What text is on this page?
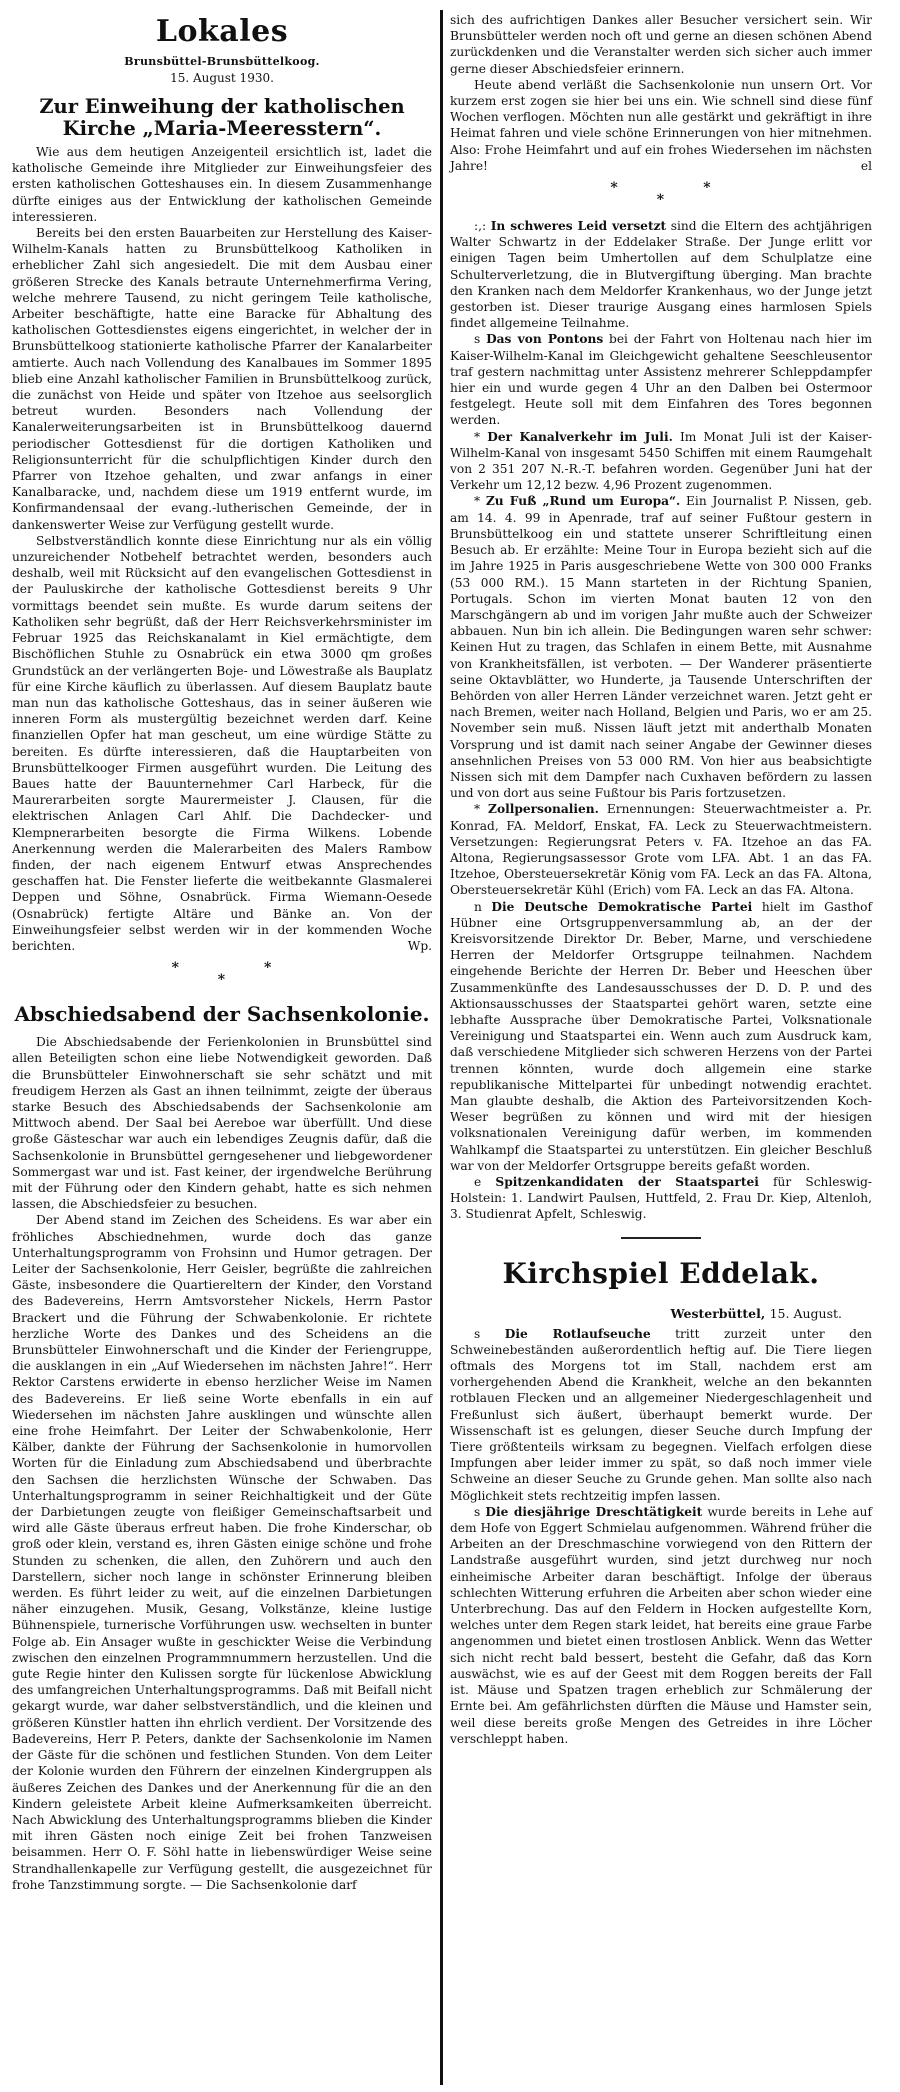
Lokales
Brunsbüttel-Brunsbüttelkoog.
15. August 1930.
Zur Einweihung der katholischen Kirche „Maria-Meeresstern“.

Wie aus dem heutigen Anzeigenteil ersichtlich ist, ladet die katholische Gemeinde ihre Mitglieder zur Einweihungsfeier des ersten katholischen Gotteshauses ein. In diesem Zusammenhange dürfte einiges aus der Entwicklung der katholischen Gemeinde interessieren.

Bereits bei den ersten Bauarbeiten zur Herstellung des Kaiser-Wilhelm-Kanals hatten zu Brunsbüttelkoog Katholiken in erheblicher Zahl sich angesiedelt. Die mit dem Ausbau einer größeren Strecke des Kanals betraute Unternehmerfirma Vering, welche mehrere Tausend, zu nicht geringem Teile katholische, Arbeiter beschäftigte, hatte eine Baracke für Abhaltung des katholischen Gottesdienstes eigens eingerichtet, in welcher der in Brunsbüttelkoog stationierte katholische Pfarrer der Kanalarbeiter amtierte. Auch nach Vollendung des Kanalbaues im Sommer 1895 blieb eine Anzahl katholischer Familien in Brunsbüttelkoog zurück, die zunächst von Heide und später von Itzehoe aus seelsorglich betreut wurden. Besonders nach Vollendung der Kanalerweiterungsarbeiten ist in Brunsbüttelkoog dauernd periodischer Gottesdienst für die dortigen Katholiken und Religionsunterricht für die schulpflichtigen Kinder durch den Pfarrer von Itzehoe gehalten, und zwar anfangs in einer Kanalbaracke, und, nachdem diese um 1919 entfernt wurde, im Konfirmandensaal der evang.-lutherischen Gemeinde, der in dankenswerter Weise zur Verfügung gestellt wurde.

Selbstverständlich konnte diese Einrichtung nur als ein völlig unzureichender Notbehelf betrachtet werden, besonders auch deshalb, weil mit Rücksicht auf den evangelischen Gottesdienst in der Pauluskirche der katholische Gottesdienst bereits 9 Uhr vormittags beendet sein mußte. Es wurde darum seitens der Katholiken sehr begrüßt, daß der Herr Reichsverkehrsminister im Februar 1925 das Reichskanalamt in Kiel ermächtigte, dem Bischöflichen Stuhle zu Osnabrück ein etwa 3000 qm großes Grundstück an der verlängerten Boje- und Löwestraße als Bauplatz für eine Kirche käuflich zu überlassen. Auf diesem Bauplatz baute man nun das katholische Gotteshaus, das in seiner äußeren wie inneren Form als mustergültig bezeichnet werden darf. Keine finanziellen Opfer hat man gescheut, um eine würdige Stätte zu bereiten. Es dürfte interessieren, daß die Hauptarbeiten von Brunsbüttelkooger Firmen ausgeführt wurden. Die Leitung des Baues hatte der Bauunternehmer Carl Harbeck, für die Maurerarbeiten sorgte Maurermeister J. Clausen, für die elektrischen Anlagen Carl Ahlf. Die Dachdecker- und Klempnerarbeiten besorgte die Firma Wilkens. Lobende Anerkennung werden die Malerarbeiten des Malers Rambow finden, der nach eigenem Entwurf etwas Ansprechendes geschaffen hat. Die Fenster lieferte die weitbekannte Glasmalerei Deppen und Söhne, Osnabrück. Firma Wiemann-Oesede (Osnabrück) fertigte Altäre und Bänke an. Von der Einweihungsfeier selbst werden wir in der kommenden Woche berichten.	Wp.

*
*
*
Abschiedsabend der Sachsenkolonie.

Die Abschiedsabende der Ferienkolonien in Brunsbüttel sind allen Beteiligten schon eine liebe Notwendigkeit geworden. Daß die Brunsbütteler Einwohnerschaft sie sehr schätzt und mit freudigem Herzen als Gast an ihnen teilnimmt, zeigte der überaus starke Besuch des Abschiedsabends der Sachsenkolonie am Mittwoch abend. Der Saal bei Aereboe war überfüllt. Und diese große Gästeschar war auch ein lebendiges Zeugnis dafür, daß die Sachsenkolonie in Brunsbüttel gerngesehener und liebgewordener Sommergast war und ist. Fast keiner, der irgendwelche Berührung mit der Führung oder den Kindern gehabt, hatte es sich nehmen lassen, die Abschiedsfeier zu besuchen.

Der Abend stand im Zeichen des Scheidens. Es war aber ein fröhliches Abschiednehmen, wurde doch das ganze Unterhaltungsprogramm von Frohsinn und Humor getragen. Der Leiter der Sachsenkolonie, Herr Geisler, begrüßte die zahlreichen Gäste, insbesondere die Quartiereltern der Kinder, den Vorstand des Badevereins, Herrn Amtsvorsteher Nickels, Herrn Pastor Brackert und die Führung der Schwabenkolonie. Er richtete herzliche Worte des Dankes und des Scheidens an die Brunsbütteler Einwohnerschaft und die Kinder der Feriengruppe, die ausklangen in ein „Auf Wiedersehen im nächsten Jahre!“. Herr Rektor Carstens erwiderte in ebenso herzlicher Weise im Namen des Badevereins. Er ließ seine Worte ebenfalls in ein auf Wiedersehen im nächsten Jahre ausklingen und wünschte allen eine frohe Heimfahrt. Der Leiter der Schwabenkolonie, Herr Kälber, dankte der Führung der Sachsenkolonie in humorvollen Worten für die Einladung zum Abschiedsabend und überbrachte den Sachsen die herzlichsten Wünsche der Schwaben. Das Unterhaltungsprogramm in seiner Reichhaltigkeit und der Güte der Darbietungen zeugte von fleißiger Gemeinschaftsarbeit und wird alle Gäste überaus erfreut haben. Die frohe Kinderschar, ob groß oder klein, verstand es, ihren Gästen einige schöne und frohe Stunden zu schenken, die allen, den Zuhörern und auch den Darstellern, sicher noch lange in schönster Erinnerung bleiben werden. Es führt leider zu weit, auf die einzelnen Darbietungen näher einzugehen. Musik, Gesang, Volkstänze, kleine lustige Bühnenspiele, turnerische Vorführungen usw. wechselten in bunter Folge ab. Ein Ansager wußte in geschickter Weise die Verbindung zwischen den einzelnen Programmnummern herzustellen. Und die gute Regie hinter den Kulissen sorgte für lückenlose Abwicklung des umfangreichen Unterhaltungsprogramms. Daß mit Beifall nicht gekargt wurde, war daher selbstverständlich, und die kleinen und größeren Künstler hatten ihn ehrlich verdient. Der Vorsitzende des Badevereins, Herr P. Peters, dankte der Sachsenkolonie im Namen der Gäste für die schönen und festlichen Stunden. Von dem Leiter der Kolonie wurden den Führern der einzelnen Kindergruppen als äußeres Zeichen des Dankes und der Anerkennung für die an den Kindern geleistete Arbeit kleine Aufmerksamkeiten überreicht. Nach Abwicklung des Unterhaltungsprogramms blieben die Kinder mit ihren Gästen noch einige Zeit bei frohen Tanzweisen beisammen. Herr O. F. Söhl hatte in liebenswürdiger Weise seine Strandhallenkapelle zur Verfügung gestellt, die ausgezeichnet für frohe Tanzstimmung sorgte. — Die Sachsenkolonie darf

sich des aufrichtigen Dankes aller Besucher versichert sein. Wir Brunsbütteler werden noch oft und gerne an diesen schönen Abend zurückdenken und die Veranstalter werden sich sicher auch immer gerne dieser Abschiedsfeier erinnern.

Heute abend verläßt die Sachsenkolonie nun unsern Ort. Vor kurzem erst zogen sie hier bei uns ein. Wie schnell sind diese fünf Wochen verflogen. Möchten nun alle gestärkt und gekräftigt in ihre Heimat fahren und viele schöne Erinnerungen von hier mitnehmen. Also: Frohe Heimfahrt und auf ein frohes Wiedersehen im nächsten Jahre!	el

*
*
*

:,: In schweres Leid versetzt sind die Eltern des achtjährigen Walter Schwartz in der Eddelaker Straße. Der Junge erlitt vor einigen Tagen beim Umhertollen auf dem Schulplatze eine Schulterverletzung, die in Blutvergiftung überging. Man brachte den Kranken nach dem Meldorfer Krankenhaus, wo der Junge jetzt gestorben ist. Dieser traurige Ausgang eines harmlosen Spiels findet allgemeine Teilnahme.

s Das von Pontons bei der Fahrt von Holtenau nach hier im Kaiser-Wilhelm-Kanal im Gleichgewicht gehaltene Seeschleusentor traf gestern nachmittag unter Assistenz mehrerer Schleppdampfer hier ein und wurde gegen 4 Uhr an den Dalben bei Ostermoor festgelegt. Heute soll mit dem Einfahren des Tores begonnen werden.

* Der Kanalverkehr im Juli. Im Monat Juli ist der Kaiser-Wilhelm-Kanal von insgesamt 5450 Schiffen mit einem Raumgehalt von 2 351 207 N.-R.-T. befahren worden. Gegenüber Juni hat der Verkehr um 12,12 bezw. 4,96 Prozent zugenommen.

* Zu Fuß „Rund um Europa“. Ein Journalist P. Nissen, geb. am 14. 4. 99 in Apenrade, traf auf seiner Fußtour gestern in Brunsbüttelkoog ein und stattete unserer Schriftleitung einen Besuch ab. Er erzählte: Meine Tour in Europa bezieht sich auf die im Jahre 1925 in Paris ausgeschriebene Wette von 300 000 Franks (53 000 RM.). 15 Mann starteten in der Richtung Spanien, Portugals. Schon im vierten Monat bauten 12 von den Marschgängern ab und im vorigen Jahr mußte auch der Schweizer abbauen. Nun bin ich allein. Die Bedingungen waren sehr schwer: Keinen Hut zu tragen, das Schlafen in einem Bette, mit Ausnahme von Krankheitsfällen, ist verboten. — Der Wanderer präsentierte seine Oktavblätter, wo Hunderte, ja Tausende Unterschriften der Behörden von aller Herren Länder verzeichnet waren. Jetzt geht er nach Bremen, weiter nach Holland, Belgien und Paris, wo er am 25. November sein muß. Nissen läuft jetzt mit anderthalb Monaten Vorsprung und ist damit nach seiner Angabe der Gewinner dieses ansehnlichen Preises von 53 000 RM. Von hier aus beabsichtigte Nissen sich mit dem Dampfer nach Cuxhaven befördern zu lassen und von dort aus seine Fußtour bis Paris fortzusetzen.

* Zollpersonalien. Ernennungen: Steuerwachtmeister a. Pr. Konrad, FA. Meldorf, Enskat, FA. Leck zu Steuerwachtmeistern. Versetzungen: Regierungsrat Peters v. FA. Itzehoe an das FA. Altona, Regierungsassessor Grote vom LFA. Abt. 1 an das FA. Itzehoe, Obersteuersekretär König vom FA. Leck an das FA. Altona, Obersteuersekretär Kühl (Erich) vom FA. Leck an das FA. Altona.

n Die Deutsche Demokratische Partei hielt im Gasthof Hübner eine Ortsgruppenversammlung ab, an der der Kreisvorsitzende Direktor Dr. Beber, Marne, und verschiedene Herren der Meldorfer Ortsgruppe teilnahmen. Nachdem eingehende Berichte der Herren Dr. Beber und Heeschen über Zusammenkünfte des Landesausschusses der D. D. P. und des Aktionsausschusses der Staatspartei gehört waren, setzte eine lebhafte Aussprache über Demokratische Partei, Volksnationale Vereinigung und Staatspartei ein. Wenn auch zum Ausdruck kam, daß verschiedene Mitglieder sich schweren Herzens von der Partei trennen könnten, wurde doch allgemein eine starke republikanische Mittelpartei für unbedingt notwendig erachtet. Man glaubte deshalb, die Aktion des Parteivorsitzenden Koch-Weser begrüßen zu können und wird mit der hiesigen volksnationalen Vereinigung dafür werben, im kommenden Wahlkampf die Staatspartei zu unterstützen. Ein gleicher Beschluß war von der Meldorfer Ortsgruppe bereits gefaßt worden.

e Spitzenkandidaten der Staatspartei für Schleswig-Holstein: 1. Landwirt Paulsen, Huttfeld, 2. Frau Dr. Kiep, Altenloh, 3. Studienrat Apfelt, Schleswig.

Kirchspiel Eddelak.
Westerbüttel, 15. August.

s Die Rotlaufseuche tritt zurzeit unter den Schweinebeständen außerordentlich heftig auf. Die Tiere liegen oftmals des Morgens tot im Stall, nachdem erst am vorhergehenden Abend die Krankheit, welche an den bekannten rotblauen Flecken und an allgemeiner Niedergeschlagenheit und Freßunlust sich äußert, überhaupt bemerkt wurde. Der Wissenschaft ist es gelungen, dieser Seuche durch Impfung der Tiere größtenteils wirksam zu begegnen. Vielfach erfolgen diese Impfungen aber leider immer zu spät, so daß noch immer viele Schweine an dieser Seuche zu Grunde gehen. Man sollte also nach Möglichkeit stets rechtzeitig impfen lassen.

s Die diesjährige Dreschtätigkeit wurde bereits in Lehe auf dem Hofe von Eggert Schmielau aufgenommen. Während früher die Arbeiten an der Dreschmaschine vorwiegend von den Rittern der Landstraße ausgeführt wurden, sind jetzt durchweg nur noch einheimische Arbeiter daran beschäftigt. Infolge der überaus schlechten Witterung erfuhren die Arbeiten aber schon wieder eine Unterbrechung. Das auf den Feldern in Hocken aufgestellte Korn, welches unter dem Regen stark leidet, hat bereits eine graue Farbe angenommen und bietet einen trostlosen Anblick. Wenn das Wetter sich nicht recht bald bessert, besteht die Gefahr, daß das Korn auswächst, wie es auf der Geest mit dem Roggen bereits der Fall ist. Mäuse und Spatzen tragen erheblich zur Schmälerung der Ernte bei. Am gefährlichsten dürften die Mäuse und Hamster sein, weil diese bereits große Mengen des Getreides in ihre Löcher verschleppt haben.
